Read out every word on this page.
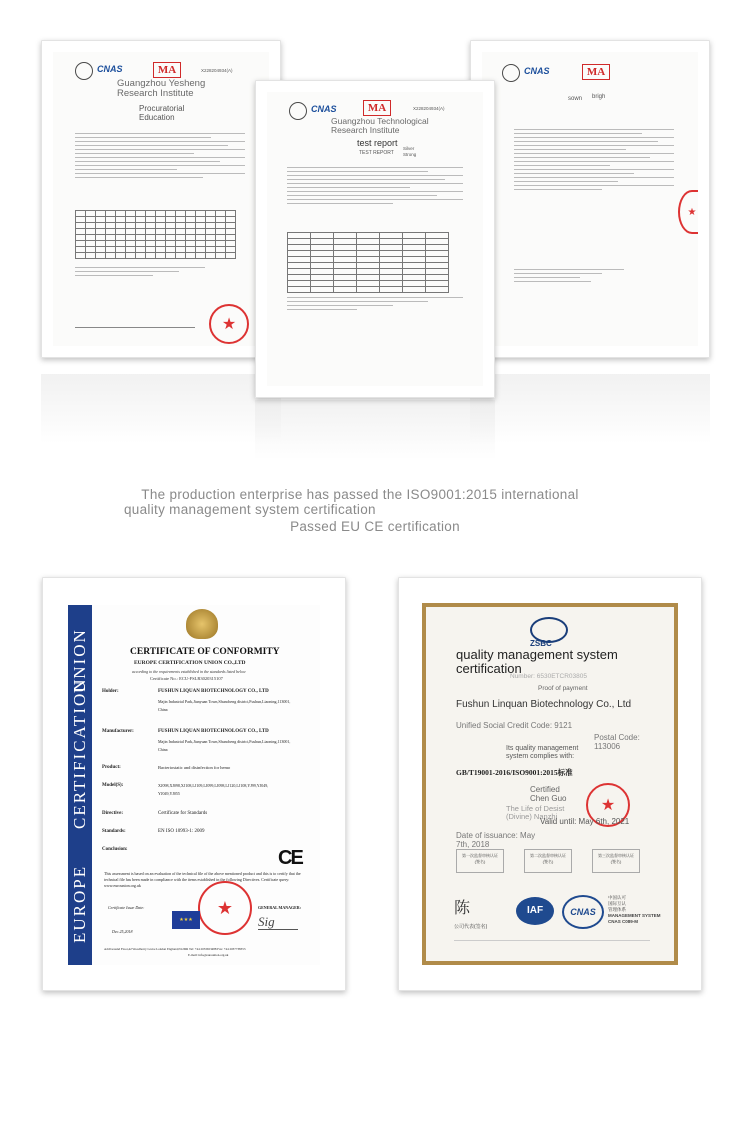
CNAS	MA	X228204934(A)
Guangzhou Yesheng
Research Institute
Procuratorial
Education

★
CNAS	MA
sown brigh
★
CNAS	MA	X228204934(A)
Guangzhou Technological
Research Institute
test report
TEST REPORT
Silver
Strong

The production enterprise has passed the ISO9001:2015 international
quality management system certification
Passed EU CE certification
UNION
CERTIFICATION
EUROPE
CERTIFICATE OF CONFORMITY
EUROPE CERTIFICATION UNION CO.,LTD
according to the requirements established in the standards listed below
Certificate No.: ECU-FSLR3020315107
Holder:	FUSHUN LIQUAN BIOTECHNOLOGY CO., LTD
Majin Industrial Park,Jianyuan Town,Shuncheng district,Fushun,Liaoning,113001,
China
Manufacturer:	FUSHUN LIQUAN BIOTECHNOLOGY CO., LTD
Majin Industrial Park,Jianyuan Town,Shuncheng district,Fushun,Liaoning,113001,
China
Product:	Bacteriostatic and disinfection for hemo
Model(S):	XJ098,XJ098,XJ108,LJ109,LJ099,LJ098,LJ120,LJ108,YJ99,YJ049,
YJ049,YJ055
Directive:	Certificate for Standards
Standards:	EN ISO 10993-1: 2009
Conclusion:	CE
This assessment is based on an evaluation of the technical file of the above mentioned product and this is to certify that the technical file has been made in compliance with the items established in the following Directives. Certificate query: www.eurounion.org.uk
★
Certificate Issue Date:
★★★
Dec.25,2018
GENERAL MANAGER:
Sig
Add:Ground Floor,42 Woodberry Grove London England,N12DR Tel: +44 2033653488 Fax: +44 2037738353
E-mail: info@eurounion.org.uk
ZSBC
quality management system
certification
Number: 6530ETCR03805
Proof of payment
Fushun Linquan Biotechnology Co., Ltd
Unified Social Credit Code: 9121
Postal Code:
113006
Its quality management
system complies with:
GB/T19001-2016/ISO9001:2015标准
Certified
Chen Guo
The Life of Desist
(Divine) Nanzhi
★
Valid until: May 6th, 2021
Date of issuance: May
7th, 2018
第一次监督审核认证
(签名)
第二次监督审核认证
(签名)
第三次监督审核认证
(签名)
陈
公司代表(签名)
IAF	CNAS
中国认可
国际互认
管理体系
MANAGEMENT SYSTEM
CNAS C089-M
